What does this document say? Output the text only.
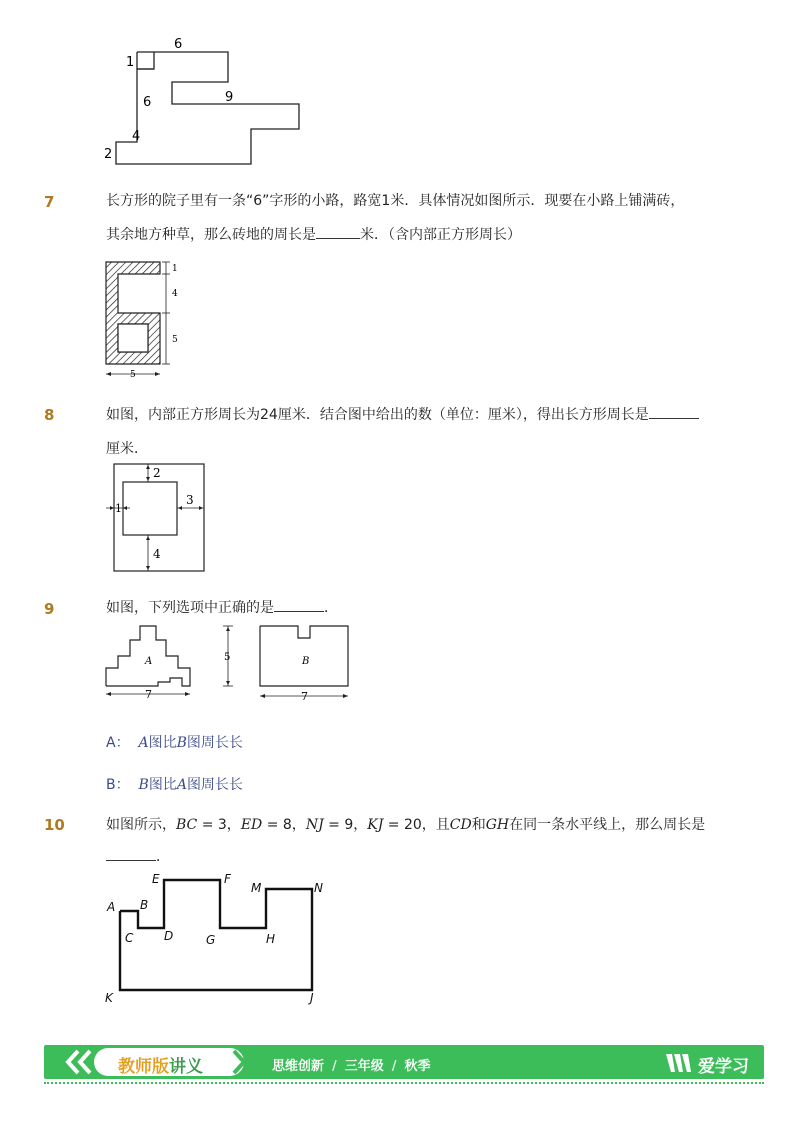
6
1
6	9
4
2
7	长方形的院子里有一条“6”字形的小路，路宽1米．具体情况如图所示．现要在小路上铺满砖，
其余地方种草，那么砖地的周长是	米．（含内部正方形周长）
1
4
5
5
8	如图，内部正方形周长为24厘米．结合图中给出的数（单位：厘米），得出长方形周长是
厘米．
2
3
1
4
9	如图，下列选项中正确的是	．
A
7
5	B
7
A： A图比B图周长长
B： B图比A图周长长
10	如图所示，BC = 3，ED = 8，NJ = 9，KJ = 20，且CD和GH在同一条水平线上，那么周长是
．
E	F
M	N
A B
C	D	G	H
K	J
教师版讲义	思维创新 / 三年级 / 秋季	爱学习
